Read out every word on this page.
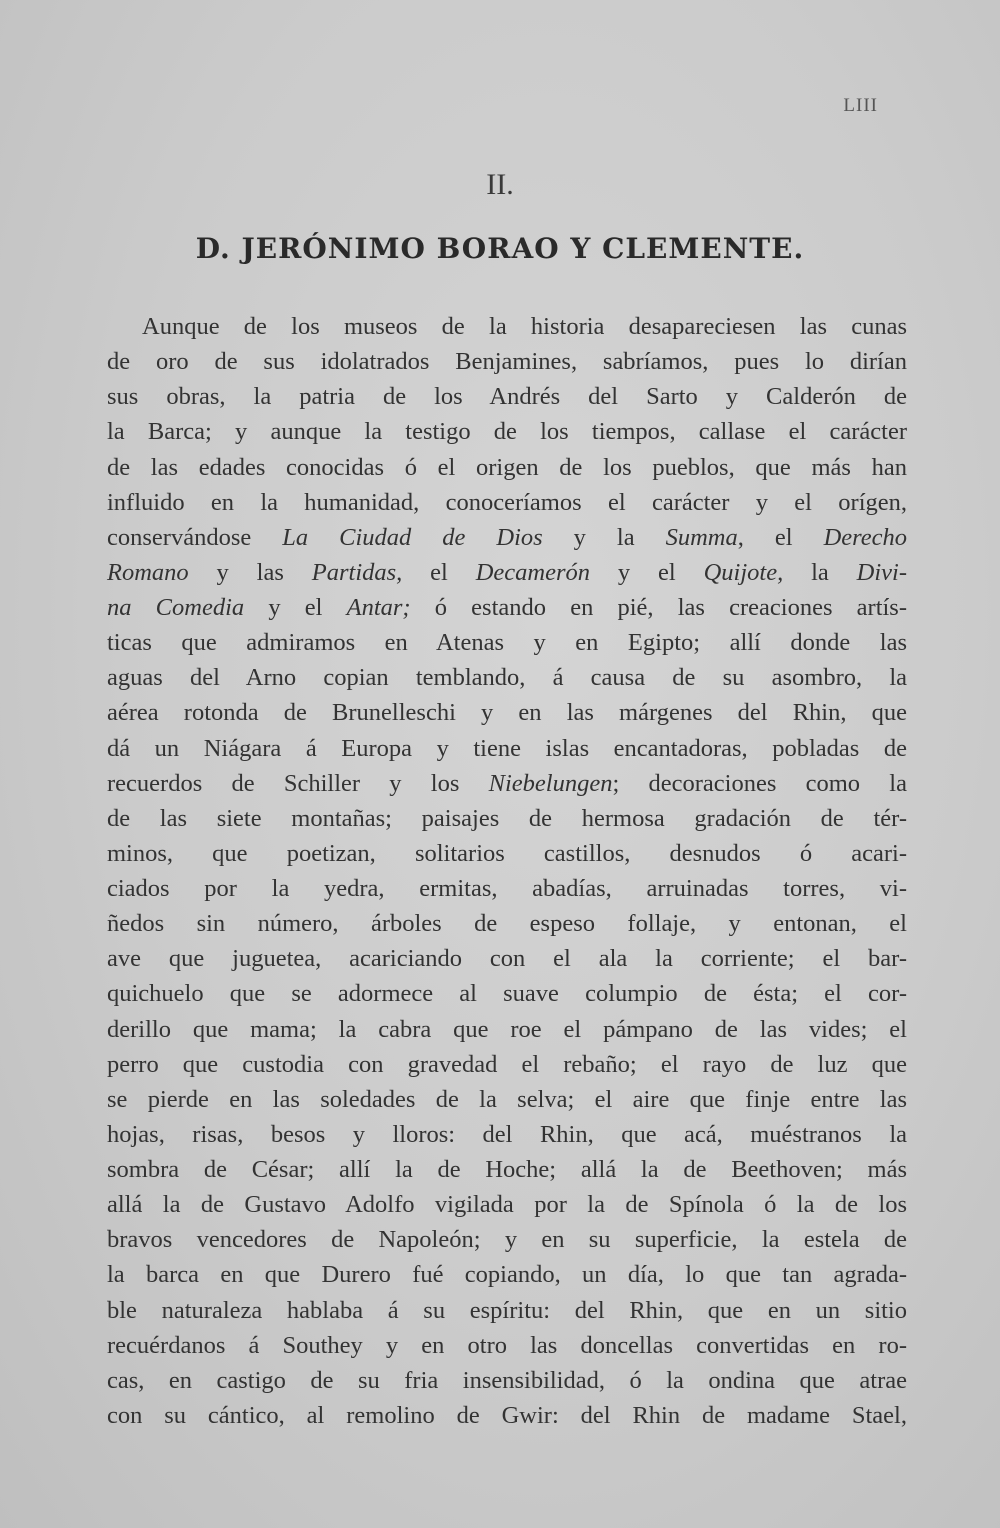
LIII
II.
D. JERÓNIMO BORAO Y CLEMENTE.
Aunque de los museos de la historia desapareciesen las cunas
de oro de sus idolatrados Benjamines, sabríamos, pues lo dirían
sus obras, la patria de los Andrés del Sarto y Calderón de
la Barca; y aunque la testigo de los tiempos, callase el carácter
de las edades conocidas ó el origen de los pueblos, que más han
influido en la humanidad, conoceríamos el carácter y el orígen,
conservándose La Ciudad de Dios y la Summa, el Derecho
Romano y las Partidas, el Decamerón y el Quijote, la Divi-
na Comedia y el Antar; ó estando en pié, las creaciones artís-
ticas que admiramos en Atenas y en Egipto; allí donde las
aguas del Arno copian temblando, á causa de su asombro, la
aérea rotonda de Brunelleschi y en las márgenes del Rhin, que
dá un Niágara á Europa y tiene islas encantadoras, pobladas de
recuerdos de Schiller y los Niebelungen; decoraciones como la
de las siete montañas; paisajes de hermosa gradación de tér-
minos, que poetizan, solitarios castillos, desnudos ó acari-
ciados por la yedra, ermitas, abadías, arruinadas torres, vi-
ñedos sin número, árboles de espeso follaje, y entonan, el
ave que juguetea, acariciando con el ala la corriente; el bar-
quichuelo que se adormece al suave columpio de ésta; el cor-
derillo que mama; la cabra que roe el pámpano de las vides; el
perro que custodia con gravedad el rebaño; el rayo de luz que
se pierde en las soledades de la selva; el aire que finje entre las
hojas, risas, besos y lloros: del Rhin, que acá, muéstranos la
sombra de César; allí la de Hoche; allá la de Beethoven; más
allá la de Gustavo Adolfo vigilada por la de Spínola ó la de los
bravos vencedores de Napoleón; y en su superficie, la estela de
la barca en que Durero fué copiando, un día, lo que tan agrada-
ble naturaleza hablaba á su espíritu: del Rhin, que en un sitio
recuérdanos á Southey y en otro las doncellas convertidas en ro-
cas, en castigo de su fria insensibilidad, ó la ondina que atrae
con su cántico, al remolino de Gwir: del Rhin de madame Stael,
